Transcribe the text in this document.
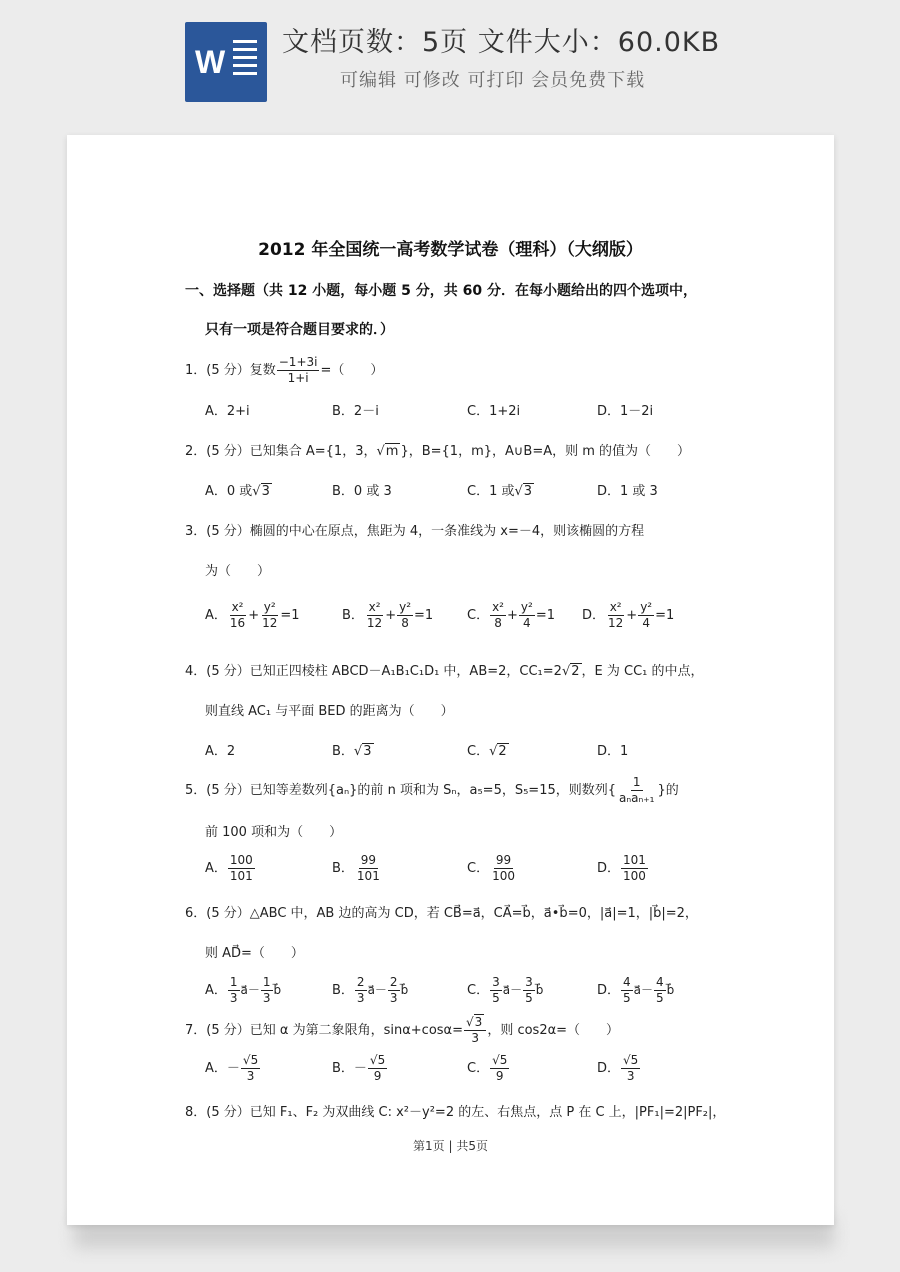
W
文档页数：5页 文件大小：60.0KB
可编辑 可修改 可打印 会员免费下载
2012 年全国统一高考数学试卷（理科）（大纲版）
一、选择题（共 12 小题，每小题 5 分，共 60 分．在每小题给出的四个选项中，
只有一项是符合题目要求的．）
1．(5 分）复数 $\frac{-1+3i}{1+i}$ =（　　）
A．2+i	B．2－i	C．1+2i	D．1－2i
2．(5 分）已知集合 A={1，3，√m }，B={1，m}，A∪B=A，则 m 的值为（　　）
A．0 或√3	B．0 或 3	C．1 或√3	D．1 或 3
3．(5 分）椭圆的中心在原点，焦距为 4，一条准线为 x=－4，则该椭圆的方程
为（　　）
A． $\frac{\text{x²}}{16} + \frac{\text{y²}}{12} =1$	B． $\frac{\text{x²}}{12} + \frac{\text{y²}}{8} =1$	C． $\frac{\text{x²}}{8} + \frac{\text{y²}}{4} =1$ D． $\frac{\text{x²}}{12} + \frac{\text{y²}}{4} =1$
4．(5 分）已知正四棱柱 ABCD－A₁B₁C₁D₁ 中，AB=2，CC₁=2√2 ，E 为 CC₁ 的中点，
则直线 AC₁ 与平面 BED 的距离为（　　）
A．2	B．√3	C．√2	D．1
5．(5 分）已知等差数列{aₙ}的前 n 项和为 Sₙ，a₅=5，S₅=15，则数列{ $\frac{1}{\text{aₙaₙ₊₁}}$ }的
前 100 项和为（　　）
A． $\frac{100}{101}$	B． $\frac{99}{101}$	C． $\frac{99}{100}$	D． $\frac{101}{100}$
6．(5 分）△ABC 中，AB 边的高为 CD，若 CB⃗=a⃗，CA⃗=b⃗，a⃗•b⃗=0，|a⃗|=1，|b⃗|=2，
则 AD⃗=（　　）
A． $\frac{1}{3}$ a⃗－ $\frac{1}{3}$ b⃗	B． $\frac{2}{3}$ a⃗－ $\frac{2}{3}$ b⃗	C． $\frac{3}{5}$ a⃗－ $\frac{3}{5}$ b⃗	D． $\frac{4}{5}$ a⃗－ $\frac{4}{5}$ b⃗
7．(5 分）已知 α 为第二象限角，$\sin\alpha+\cos\alpha= \frac{√3}{3}$ ，则 cos2α=（　　）
A．－ $\frac{√5}{3}$	B．－ $\frac{√5}{9}$	C． $\frac{√5}{9}$	D． $\frac{√5}{3}$
8．(5 分）已知 F₁、F₂ 为双曲线 C: x²－y²=2 的左、右焦点，点 P 在 C 上，|PF₁|=2|PF₂|，
第1页 | 共5页
